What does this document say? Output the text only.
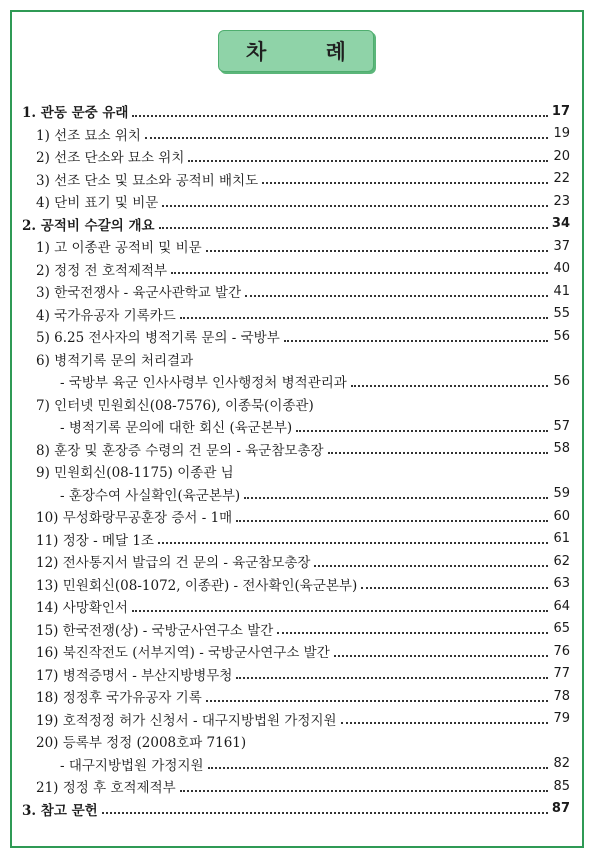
차 례
1. 관동 문중 유래	17
1) 선조 묘소 위치	19
2) 선조 단소와 묘소 위치	20
3) 선조 단소 및 묘소와 공적비 배치도	22
4) 단비 표기 및 비문	23
2. 공적비 수갈의 개요	34
1) 고 이종관 공적비 및 비문	37
2) 정정 전 호적제적부	40
3) 한국전쟁사 - 육군사관학교 발간	41
4) 국가유공자 기록카드	55
5) 6.25 전사자의 병적기록 문의 - 국방부	56
6) 병적기록 문의 처리결과
- 국방부 육군 인사사령부 인사행정처 병적관리과	56
7) 인터넷 민원회신(08-7576), 이종묵(이종관)
- 병적기록 문의에 대한 회신 (육군본부)	57
8) 훈장 및 훈장증 수령의 건 문의 - 육군참모총장	58
9) 민원회신(08-1175) 이종관 님
- 훈장수여 사실확인(육군본부)	59
10) 무성화랑무공훈장 증서 - 1매	60
11) 정장 - 메달 1조	61
12) 전사통지서 발급의 건 문의 - 육군참모총장	62
13) 민원회신(08-1072, 이종관) - 전사확인(육군본부)	63
14) 사망확인서	64
15) 한국전쟁(상) - 국방군사연구소 발간	65
16) 북진작전도 (서부지역) - 국방군사연구소 발간	76
17) 병적증명서 - 부산지방병무청	77
18) 정정후 국가유공자 기록	78
19) 호적정정 허가 신청서 - 대구지방법원 가정지원	79
20) 등록부 정정 (2008호파 7161)
- 대구지방법원 가정지원	82
21) 정정 후 호적제적부	85
3. 참고 문헌	87
